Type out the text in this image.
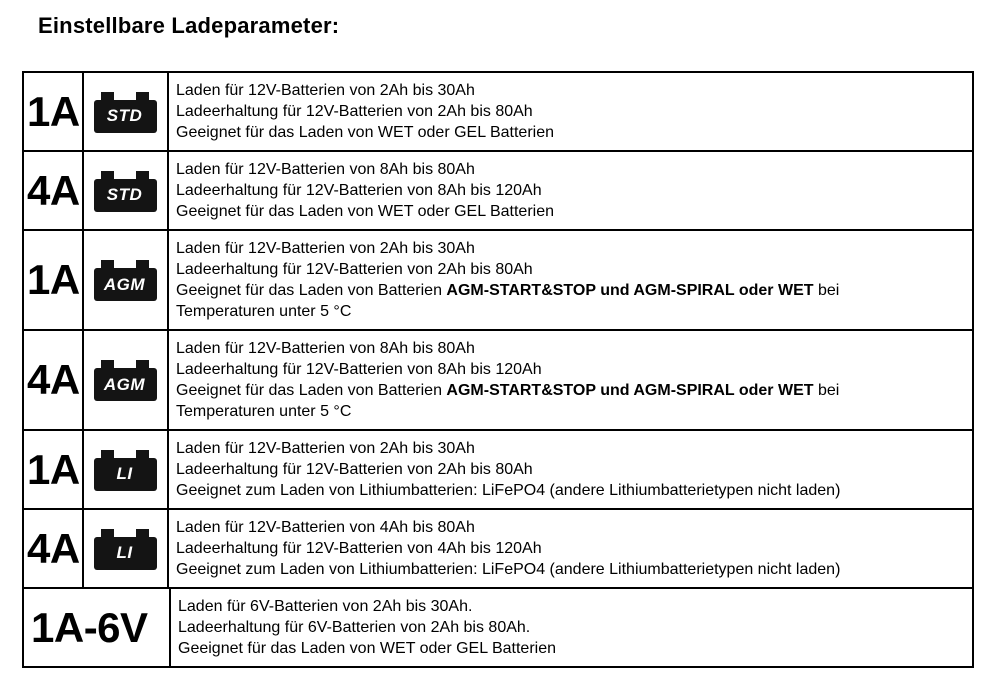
Einstellbare Ladeparameter:
1A STD
Laden für 12V-Batterien von 2Ah bis 30Ah
Ladeerhaltung für 12V-Batterien von 2Ah bis 80Ah
Geeignet für das Laden von WET oder GEL Batterien
4A STD
Laden für 12V-Batterien von 8Ah bis 80Ah
Ladeerhaltung für 12V-Batterien von 8Ah bis 120Ah
Geeignet für das Laden von WET oder GEL Batterien
1A AGM
Laden für 12V-Batterien von 2Ah bis 30Ah
Ladeerhaltung für 12V-Batterien von 2Ah bis 80Ah
Geeignet für das Laden von Batterien AGM-START&STOP und AGM-SPIRAL oder WET bei
Temperaturen unter 5 °C
4A AGM
Laden für 12V-Batterien von 8Ah bis 80Ah
Ladeerhaltung für 12V-Batterien von 8Ah bis 120Ah
Geeignet für das Laden von Batterien AGM-START&STOP und AGM-SPIRAL oder WET bei
Temperaturen unter 5 °C
1A LI
Laden für 12V-Batterien von 2Ah bis 30Ah
Ladeerhaltung für 12V-Batterien von 2Ah bis 80Ah
Geeignet zum Laden von Lithiumbatterien: LiFePO4 (andere Lithiumbatterietypen nicht laden)
4A LI
Laden für 12V-Batterien von 4Ah bis 80Ah
Ladeerhaltung für 12V-Batterien von 4Ah bis 120Ah
Geeignet zum Laden von Lithiumbatterien: LiFePO4 (andere Lithiumbatterietypen nicht laden)
1A-6V Laden für 6V-Batterien von 2Ah bis 30Ah.
Ladeerhaltung für 6V-Batterien von 2Ah bis 80Ah.
Geeignet für das Laden von WET oder GEL Batterien
